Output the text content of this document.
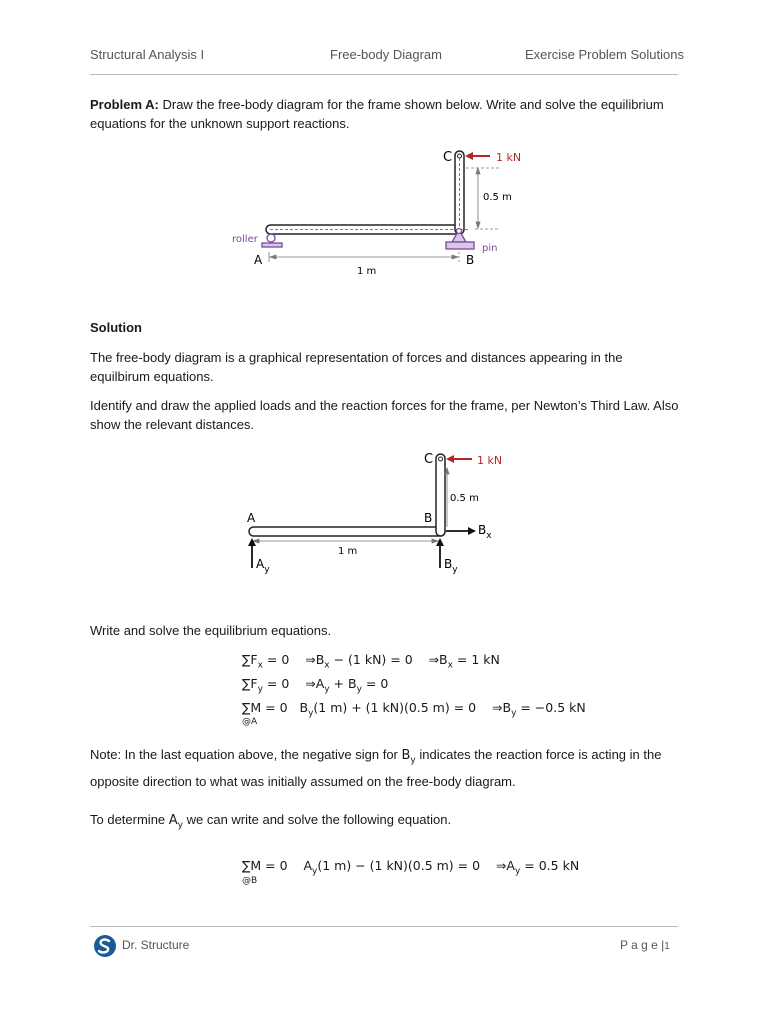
Structural Analysis I	Free-body Diagram	Exercise Problem Solutions
Problem A: Draw the free-body diagram for the frame shown below. Write and solve the equilibrium equations for the unknown support reactions.
C	1 kN
0.5 m
roller
pin
A	B
1 m
Solution
The free-body diagram is a graphical representation of forces and distances appearing in the equilbirum equations.
Identify and draw the applied loads and the reaction forces for the frame, per Newton’s Third Law. Also show the relevant distances.
C	1 kN
0.5 m
A	B
1 m
$B_x$
$A_y$	$B_y$
Write and solve the equilibrium equations.
$\sum F_x = 0$    $\Rightarrow B_x - (1$ kN) = 0    $\Rightarrow B_x = 1$ kN
$\sum F_y = 0$    $\Rightarrow A_y + B_y = 0$
∑M = 0   $B_y(1$ m) + (1 kN)(0.5 m) = 0    $\Rightarrow B_y = -0.5$ kN
@A
Note: In the last equation above, the negative sign for $B_y$ indicates the reaction force is acting in the
opposite direction to what was initially assumed on the free-body diagram.
To determine $A_y$ we can write and solve the following equation.
∑M = 0    $A_y(1$ m) − (1 kN)(0.5 m) = 0    $\Rightarrow A_y = 0.5$ kN
@B
Dr. Structure	P a g e |1
